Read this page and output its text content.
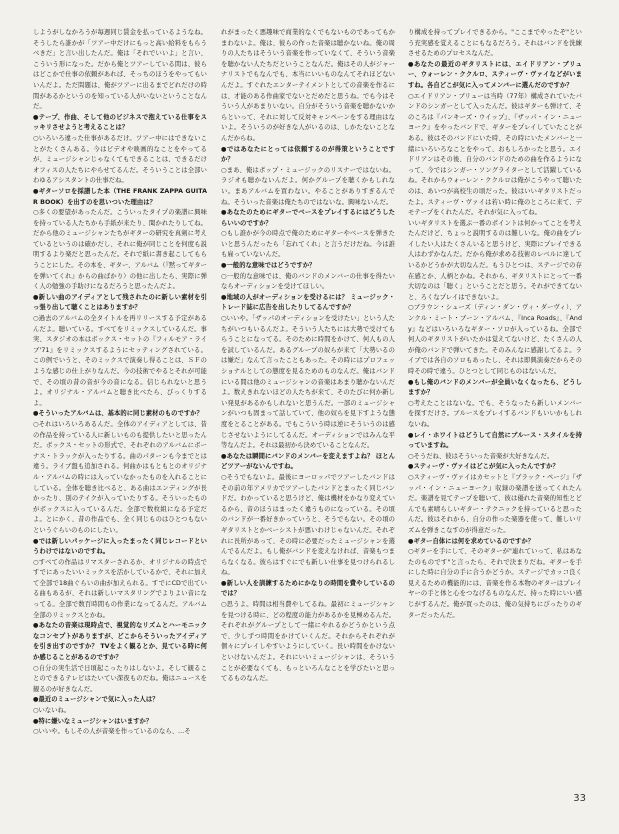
しようがしなかろうが毎週同じ賃金を払っているようなね。そうしたら誰かが「ツアー中だけにもっと高い給料をもらうべきだ」と言い出したんだ。俺は「それでいいよ」と言い、こういう形になった。だから俺とツアーしている間は、彼らはどこかで仕事の依頼があれば、そっちのほうをやってもいいんだよ。ただ問題は、俺がツアーに出るまでどれだけの時間があるかというのを知っている人がいないということなんだ。

● テープ、作曲、そして他のビジネスで抱えている仕事をスッキリさせようと考えることは？

○ いろいろ違った仕事があるだけ。ツアー中にはできないことがたくさんある。今はビデオや映画的なことをやってるが、ミュージシャンじゃなくてもできることは、できるだけオフィスの人たちにやらせてるんだ。そういうことは全部いわゆるアシスタントの仕事だね。

● ギターソロを採譜した本（THE FRANK ZAPPA GUITAR BOOK）を出すのを思いついた理由は？

○ 多くの要望があったんだ。こういったタイプの楽譜に興味を持っている人たちから手紙が来たり、聞かれたりしてね。だから他のミュージシャンたちがギターの研究を真剣に考えているというのは確かだし、それに俺が同じことを何度も説明するより楽だと思ったんだ。それで紙に書き起こしてもらうことにした。その本を、ギター、アルバム（『黙ってギターを弾いてくれ』からの曲ばかり）の他に出したら、実際に弾く人の勉強の手助けになるだろうと思ったんだよ。

● 新しい曲のアイディアとして残されたのに新しい素材を引っ張り出して聴くことはありますか？

○ 過去のアルバムの全タイトルを再リリースする予定があるんだよ。聴いている。すべてをリミックスしているんだ。事実、スタジオの本はボックス・セットの『フィルモア・ライブ'71』をリミックスするようにセッティングされている。この例でいうと、そのミックスで演奏し得ることは、ＳＦのような感じの仕上がりなんだ。今の技術でやるとそれが可能で、その頃の昔の音が今の音になる。信じられないと思うよ。オリジナル・アルバムと聴き比べたら、びっくりするよ。

● そういったアルバムは、基本的に同じ素材のものですか？

○ それはいろいろあるんだ。全体のアイディアとしては、昔の作品を持っている人に新しいものも提供したいと思ったんだ。ボックス・セットの形式で、それぞれのアルバムにボーナス・トラックが入ったりする。曲のパターンも今までとは違う。ライブ盤も追加される。何曲かはもともとのオリジナル・アルバムの時には入っていなかったものを入れることにしている。全体を聴き比べると、ある曲はエンディングが長かったり、別のテイクが入っていたりする。そういったものがボックスに入っているんだ。全部で数枚組になる予定だよ。とにかく、昔の作品でも、全く同じものはひとつもないというぐらいのものにしたい。

● では新しいパッケージに入ったまったく同じレコードというわけではないのですね。

○ すべての作品はリマスターされるか、オリジナルの時点ですでにあったいいミックスを活かしているかで、それに加えて全部で18曲ぐらいの曲が加えられる。すでにCDで出ている曲もあるが、それは新しいマスタリングでよりよい音になってる。全部で数百時間もの作業になってるんだ。アルバム全部のリミックスとかね。

● あなたの音楽は現時点で、視覚的なリズムとハーモニックなコンセプトがありますが、どこからそういったアイディアを引き出すのですか？ TVをよく観るとか、見ている時に何か感じることがあるのですか？

○ 自分の実生活で日頃起こったりはしないよ。そして観ることのできるテレビはたいてい深夜ものだね。俺はニュースを観るのが好きなんだ。

● 最近のミュージシャンで気に入った人は？

○ いないね。

● 特に嫌いなミュージシャンはいますか？

○ いいや。もしその人が音楽を作っているのなら、…そ

れがまったく悪趣味で商業的なくでもないものであってもかまわないよ。俺は、彼らの作った音楽は聴かないね。俺の周りの人たちはそういう音楽を作っていなくて、そういう音楽を聴かない人たちだということなんだ。俺はその人がジャーナリストでもなんでも、本当にいいものなんてそれほどないんだよ。すぐれたエンターテイメントとしての音楽を作るには、才能のある作曲家でないとだめだと思うね。でも今はそういう人があまりいない。自分がそういう音楽を聴かないからといって、それに対して反対キャンペーンをする理由はないよ。そういうのが好きな人がいるのは、しかたないことなんだからね。

● ではあなたにとっては依頼するのが得策ということですか？

○ まあ、俺はポップ・ミュージックのリスナーではないね。ラジオも聴かないんだよ。何かグループを聴くかもしれない。まあアルバムを買わない。やることがありすぎるんでね。そういった音楽は俺たちのではないな。興味ないんだ。

● あなたのためにギターでベースをプレイするにはどうしたらいいのですか？

○ もし誰かが今の時点で俺のためにギターやベースを弾きたいと思うんだったら「忘れてくれ」と言うだけだね。今は誰も雇っていないんだ。

● 一般的な意味ではどうですか？

○ 一般的な意味では、俺のバンドのメンバーの仕事を得たいならオーディションを受けてほしい。

● 地域の人がオーディションを受けるには？ ミュージック・トレード誌に広告を出したりしてるんですか？

○ いいや。「ザッパのオーディションを受けたい」という人たちがいつもいるんだよ。そういう人たちには大勢で受けてもらうことになってる。そのために時間をかけて、何人もの人を試しているんだ。あるグループの奴らが来て「大勢いるのは嫌だ」なんて言ったこともあった。その時にはプロフェッショナルとしての態度を見るためのものなんだ。俺はバンドにいる間は他のミュージシャンの音楽はあまり聴かないんだよ。数えきれないほどの人たちが来て、そのたびに何か新しい発見があるかもしれないと思うんだ。一部のミュージシャンがいつも固まって話していて、他の奴らを見下すような態度をとることがある。でもこういう時は逆にそういうのは感じさせないようにしてるんだ。オーディションではみんな平等なんだよ。それは最初から決めていることなんだ。

● あなたは瞬間にバンドのメンバーを変えますよね？ ほとんどツアーがないんですね。

○ そうでもないよ。最後にヨーロッパでツアーしたバンドはその前の年アメリカでツアーしたバンドとまったく同じバンドだ。わかっていると思うけど、俺は機材をかなり変えているから、音のほうはまったく違うものになっている。その頃のバンドが一番好きかっていうと、そうでもない。その頃のギタリストとかベーシストが悪いわけじゃないんだ。それぞれに長所があって、その時に必要だったミュージシャンを選んでるんだよ。もし俺がバンドを変えなければ、音楽もつまらなくなる。彼らはすぐにでも新しい仕事を見つけられるしね。

● 新しい人を訓練するためにかなりの時間を費やしているのでは？

○ 思うよ。時間は相当費やしてるね。最初にミュージシャンを見つける時に、どの程度の能力があるかを見極めるんだ。それぞれがグループとして一緒にやれるかどうかという点で、少しずつ時間をかけていくんだ。それからそれぞれが個々にプレイしやすいようにしていく。長い時間をかけないといけないんだよ。それにいいミュージシャンは、そういうことが必要なくても、もっといろんなことを学びたいと思ってるものなんだ。

り構成を持ってプレイできるから。"ここまでやったぞ"という充実感を覚えることにもなるだろう。それはバンドを洗練させるためのプロセスなんだ。

● あなたの最近のギタリストには、エイドリアン・ブリュー、ウォーレン・ククルロ、スティーヴ・ヴァイなどがいますね。各自どこが気に入ってメンバーに選んだのですか？

○ エイドリアン・ブリューは当時（77年）構成されていたバンドのシンガーとして入ったんだ。彼はギターも弾けて、そのころは『パンキーズ・ウイップ』、『ザッパ・イン・ニューヨーク』をやったバンドで、ギターをプレイしていたことがある。彼はそのバンドにいた時、その時にいたメンバーと一緒にいろいろなことをやって、おもしろかったと思う。エイドリアンはその後、自分のバンドのための曲を作るようになって、今ではシンガー・ソングライターとして活躍しているね。それからウォーレン・ククルロは俺がこうやって聴いたのは、あいつが高校生の頃だった。彼はいいギタリストだったよ。スティーヴ・ヴァイは若い時に俺のところに来て、デモテープをくれたんだ。それが気に入ってね。

いいギタリストを選ぶ一番のポイントは何かってことを考えたんだけど、ちょっと説明するのは難しいな。俺の曲をプレイしたい人はたくさんいると思うけど、実際にプレイできる人はわずかなんだ。だから俺が求める技術のレベルに達しているかどうかが大切なんだ。もうひとつは、ステージでの存在感とか、人柄とかね。それから、ギタリストにとって一番大切なのは「聴く」ということだと思う。それができてないと、ろくなプレイはできないよ。

○ ブラウン・シューズ（ディン・ダン・ヴィ・ダーヴィ）、アンクル・ミート・ブーン・アルバム、『Inca Roads』、『Andy』などはいろいろなギター・ソロが入っているね。全部で何人のギタリストがいたかは覚えてないけど、たくさんの人が俺のバンドで弾いてきた。そのみんなに感謝してるよ。ライブでは各自のソロもあったし、それは即興演奏だからその時その時で違う。ひとつとして同じものはないんだ。

● もし俺のバンドのメンバーが全員いなくなったら、どうしますか？

○ 考えたことはないな。でも、そうなったら新しいメンバーを探すだけさ。ブルースをプレイするバンドもいいかもしれないね。

● レイ・ホワイトはどうして自然にブルース・スタイルを持っていますね。

○ そうだね、彼はそういった音楽が大好きなんだ。

● スティーヴ・ヴァイはどこが気に入ったんですか？

○ スティーヴ・ヴァイはカセットと『ブラック・ページ』『ザッパ・イン・ニューヨーク』収録の楽譜を送ってくれたんだ。楽譜を見てテープを聴いて、彼は優れた音楽的知性とどんでも素晴らしいギター・テクニックを持っていると思ったんだ。彼はそれから、自分の作った楽器を使って、難しいリズムを弾きこなすのが得意だった。

● ギター自体には何を求めているのですか？

○ ギターを手にして、そのギターが"連れていって、私はあなたのものです"と言ったら、それで決まりだね。ギターを手にした時に自分の手に合うかどうか。ステージでカッコ良く見えるための機能的には、音楽を作る本物のギターはプレイヤーの手と体と心をつなげるものなんだ。持った時にいい感じがするんだ。俺が買ったのは、俺の気持ちにぴったりのギターだったんだ。

33
